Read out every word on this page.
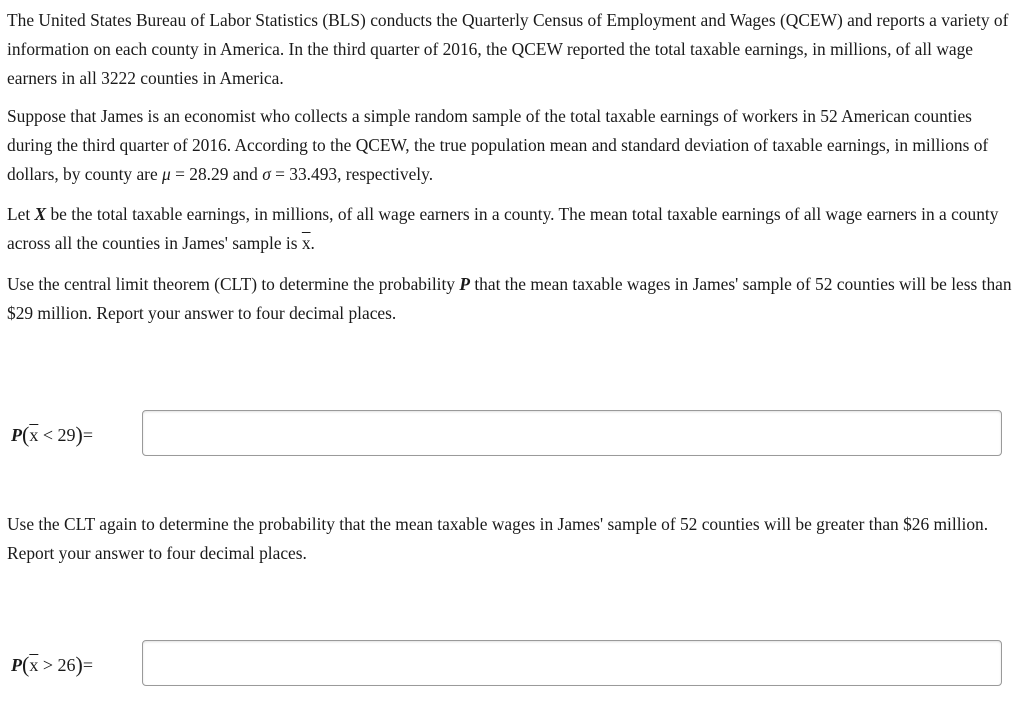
The United States Bureau of Labor Statistics (BLS) conducts the Quarterly Census of Employment and Wages (QCEW) and reports a variety of information on each county in America. In the third quarter of 2016, the QCEW reported the total taxable earnings, in millions, of all wage earners in all 3222 counties in America.

Suppose that James is an economist who collects a simple random sample of the total taxable earnings of workers in 52 American counties during the third quarter of 2016. According to the QCEW, the true population mean and standard deviation of taxable earnings, in millions of dollars, by county are μ = 28.29 and σ = 33.493, respectively.

Let X be the total taxable earnings, in millions, of all wage earners in a county. The mean total taxable earnings of all wage earners in a county across all the counties in James' sample is $\overline{x}$.

Use the central limit theorem (CLT) to determine the probability P that the mean taxable wages in James' sample of 52 counties will be less than $29 million. Report your answer to four decimal places.

$P(\overline{x} < 29)=$

Use the CLT again to determine the probability that the mean taxable wages in James' sample of 52 counties will be greater than $26 million. Report your answer to four decimal places.

$P(\overline{x} > 26)=$
